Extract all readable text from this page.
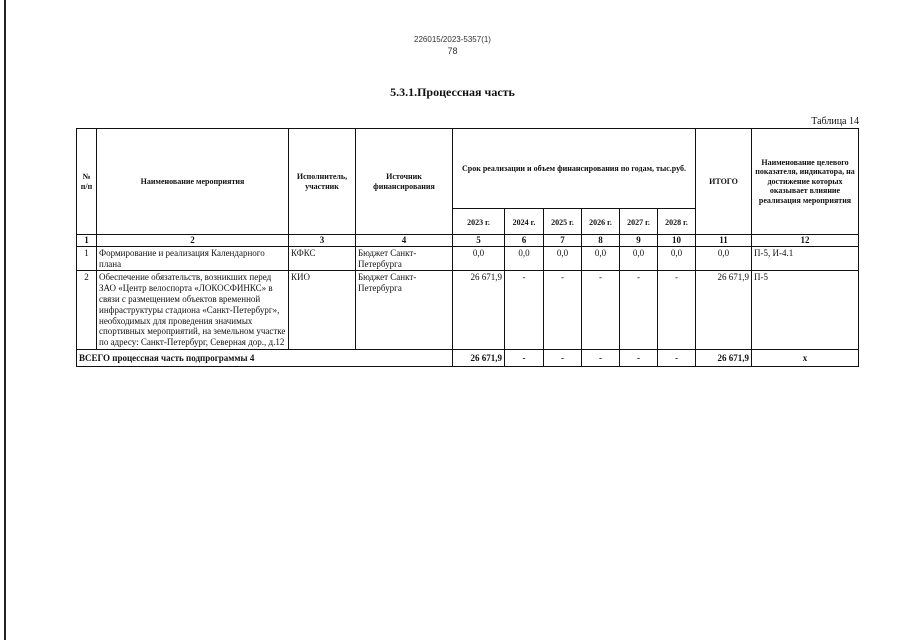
226015/2023-5357(1)
78
5.3.1.Процессная часть
Таблица 14
№ п/п	Наименование мероприятия	Исполнитель, участник	Источник финансирования	Срок реализации и объем финансирования по годам, тыс.руб.						ИТОГО	Наименование целевого показателя, индикатора, на достижение которых оказывает влияние реализация мероприятия
				2023 г.	2024 г.	2025 г.	2026 г.	2027 г.	2028 г.		
1	2	3	4	5	6	7	8	9	10	11	12
1	Формирование и реализация Календарного плана	КФКС	Бюджет Санкт-Петербурга	0,0	0,0	0,0	0,0	0,0	0,0	0,0	П-5, И-4.1
2	Обеспечение обязательств, возникших перед ЗАО «Центр велоспорта «ЛОКОСФИНКС» в связи с размещением объектов временной инфраструктуры стадиона «Санкт-Петербург», необходимых для проведения значимых спортивных мероприятий, на земельном участке по адресу: Санкт-Петербург, Северная дор., д.12	КИО	Бюджет Санкт-Петербурга	26 671,9	-	-	-	-	-	26 671,9	П-5
ВСЕГО процессная часть подпрограммы 4				26 671,9	-	-	-	-	-	26 671,9	х
